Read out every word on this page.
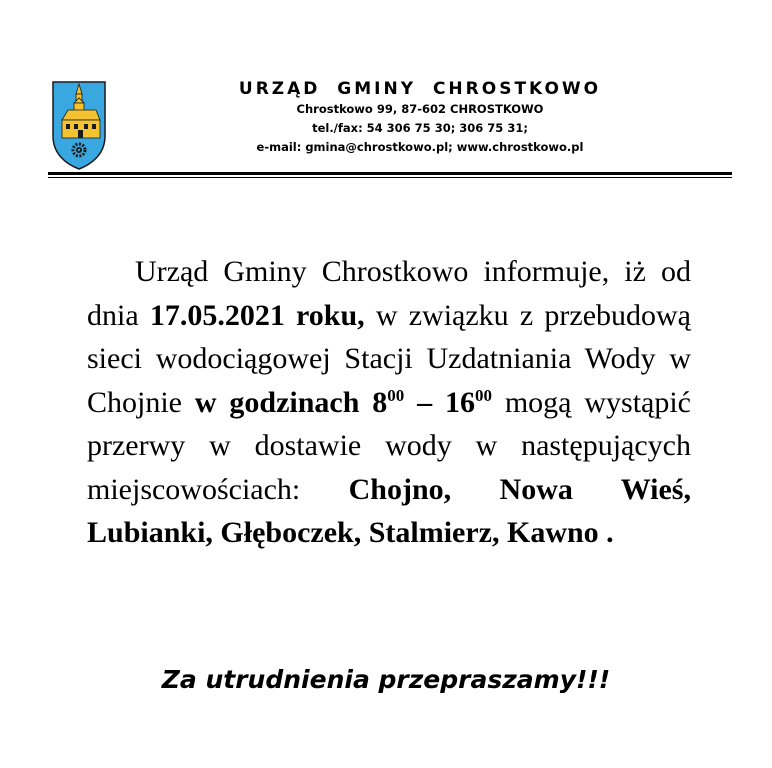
URZĄD GMINY CHROSTKOWO
Chrostkowo 99, 87-602 CHROSTKOWO
tel./fax: 54 306 75 30; 306 75 31;
e-mail: gmina@chrostkowo.pl; www.chrostkowo.pl

Urząd Gminy Chrostkowo informuje, iż od dnia 17.05.2021 roku, w związku z przebudową sieci wodociągowej Stacji Uzdatniania Wody w Chojnie w godzinach $8^{00} - 16^{00}$ mogą wystąpić przerwy w dostawie wody w następujących miejscowościach: Chojno, Nowa Wieś, Lubianki, Głęboczek, Stalmierz, Kawno .

Za utrudnienia przepraszamy!!!
